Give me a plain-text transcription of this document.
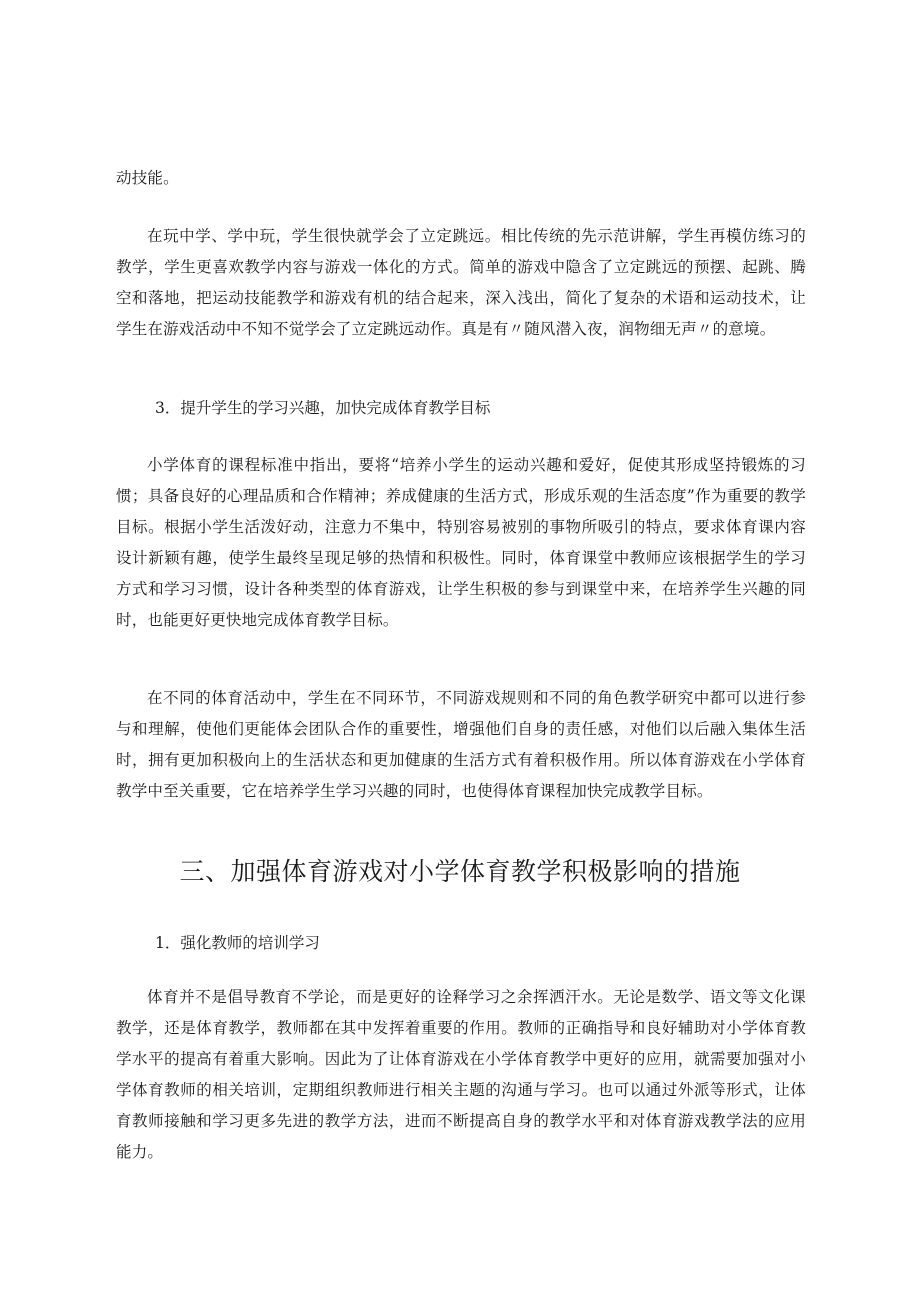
动技能。

在玩中学、学中玩，学生很快就学会了立定跳远。相比传统的先示范讲解，学生再模仿练习的教学，学生更喜欢教学内容与游戏一体化的方式。简单的游戏中隐含了立定跳远的预摆、起跳、腾空和落地，把运动技能教学和游戏有机的结合起来，深入浅出，简化了复杂的术语和运动技术，让学生在游戏活动中不知不觉学会了立定跳远动作。真是有〃随风潜入夜，润物细无声〃的意境。

3．提升学生的学习兴趣，加快完成体育教学目标

小学体育的课程标准中指出，要将“培养小学生的运动兴趣和爱好，促使其形成坚持锻炼的习惯；具备良好的心理品质和合作精神；养成健康的生活方式，形成乐观的生活态度”作为重要的教学目标。根据小学生活泼好动，注意力不集中，特别容易被别的事物所吸引的特点，要求体育课内容设计新颖有趣，使学生最终呈现足够的热情和积极性。同时，体育课堂中教师应该根据学生的学习方式和学习习惯，设计各种类型的体育游戏，让学生积极的参与到课堂中来，在培养学生兴趣的同时，也能更好更快地完成体育教学目标。

在不同的体育活动中，学生在不同环节，不同游戏规则和不同的角色教学研究中都可以进行参与和理解，使他们更能体会团队合作的重要性，增强他们自身的责任感，对他们以后融入集体生活时，拥有更加积极向上的生活状态和更加健康的生活方式有着积极作用。所以体育游戏在小学体育教学中至关重要，它在培养学生学习兴趣的同时，也使得体育课程加快完成教学目标。

三、加强体育游戏对小学体育教学积极影响的措施

1．强化教师的培训学习

体育并不是倡导教育不学论，而是更好的诠释学习之余挥洒汗水。无论是数学、语文等文化课教学，还是体育教学，教师都在其中发挥着重要的作用。教师的正确指导和良好辅助对小学体育教学水平的提高有着重大影响。因此为了让体育游戏在小学体育教学中更好的应用，就需要加强对小学体育教师的相关培训，定期组织教师进行相关主题的沟通与学习。也可以通过外派等形式，让体育教师接触和学习更多先进的教学方法，进而不断提高自身的教学水平和对体育游戏教学法的应用能力。
